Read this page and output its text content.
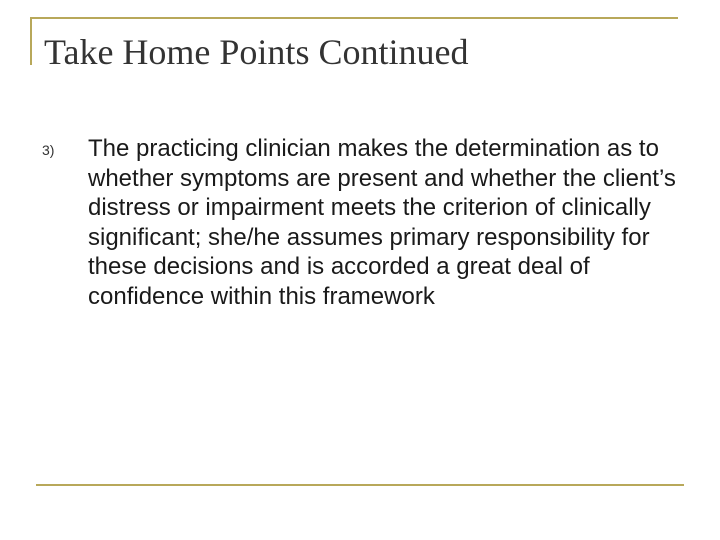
Take Home Points Continued
3) The practicing clinician makes the determination as to whether symptoms are present and whether the client’s distress or impairment meets the criterion of clinically significant; she/he assumes primary responsibility for these decisions and is accorded a great deal of confidence within this framework
